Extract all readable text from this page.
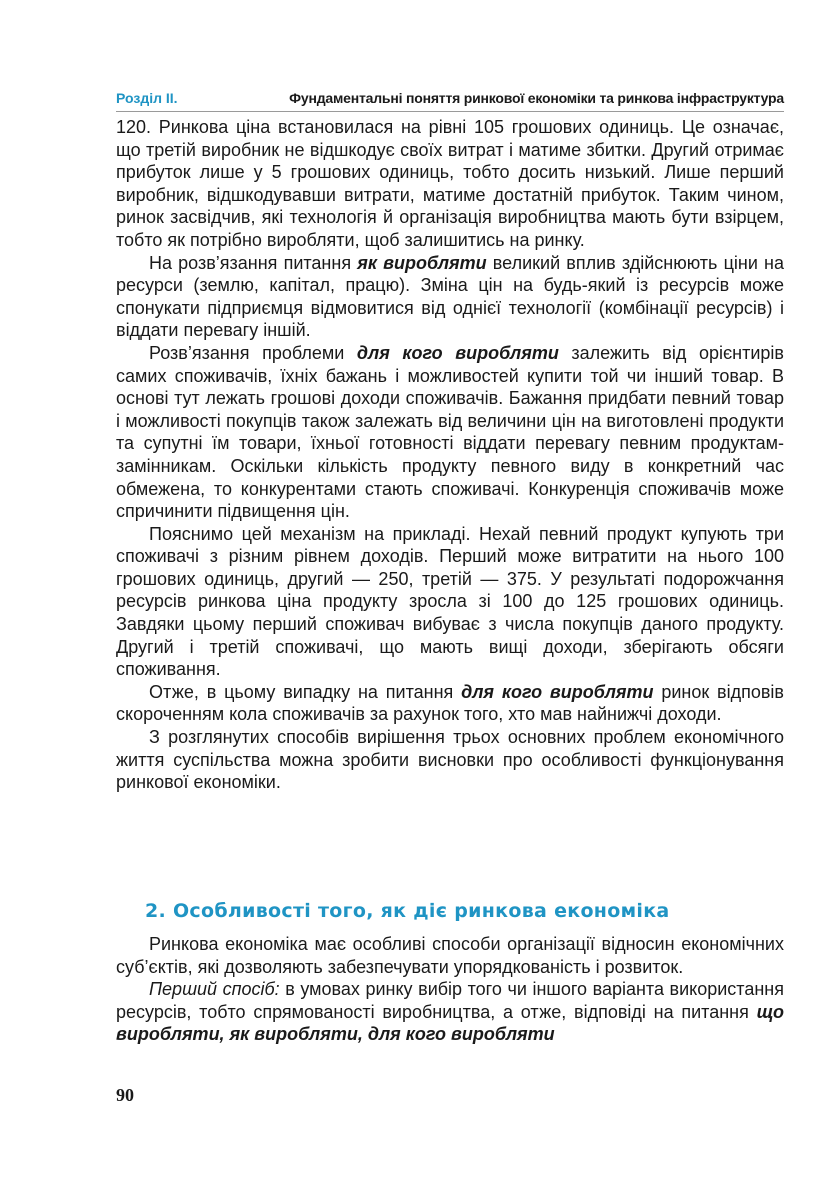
Розділ ІІ.	Фундаментальні поняття ринкової економіки та ринкова інфраструктура

120. Ринкова ціна встановилася на рівні 105 грошових одиниць. Це означає, що третій виробник не відшкодує своїх витрат і матиме збитки. Другий отримає прибуток лише у 5 грошових одиниць, тобто досить низький. Лише перший виробник, відшкодувавши витрати, матиме достатній прибуток. Таким чином, ринок засвідчив, які технологія й організація виробництва мають бути взірцем, тобто як потрібно виробляти, щоб залишитись на ринку.

На розв’язання питання як виробляти великий вплив здійснюють ціни на ресурси (землю, капітал, працю). Зміна цін на будь-який із ресурсів може спонукати підприємця відмовитися від однієї технології (комбінації ресурсів) і віддати перевагу іншій.

Розв’язання проблеми для кого виробляти залежить від орієнтирів самих споживачів, їхніх бажань і можливостей купити той чи інший товар. В основі тут лежать грошові доходи споживачів. Бажання придбати певний товар і можливості покупців також залежать від величини цін на виготовлені продукти та супутні їм товари, їхньої готовності віддати перевагу певним продуктам-замінникам. Оскільки кількість продукту певного виду в конкретний час обмежена, то конкурентами стають споживачі. Конкуренція споживачів може спричинити підвищення цін.

Пояснимо цей механізм на прикладі. Нехай певний продукт купують три споживачі з різним рівнем доходів. Перший може витратити на нього 100 грошових одиниць, другий — 250, третій — 375. У результаті подорожчання ресурсів ринкова ціна продукту зросла зі 100 до 125 грошових одиниць. Завдяки цьому перший споживач вибуває з числа покупців даного продукту. Другий і третій споживачі, що мають вищі доходи, зберігають обсяги споживання.

Отже, в цьому випадку на питання для кого виробляти ринок відповів скороченням кола споживачів за рахунок того, хто мав найнижчі доходи.

З розглянутих способів вирішення трьох основних проблем економічного життя суспільства можна зробити висновки про особливості функціонування ринкової економіки.

2. Особливості того, як діє ринкова економіка

Ринкова економіка має особливі способи організації відносин економічних суб’єктів, які дозволяють забезпечувати упорядкованість і розвиток.

Перший спосіб: в умовах ринку вибір того чи іншого варіанта використання ресурсів, тобто спрямованості виробництва, а отже, відповіді на питання що виробляти, як виробляти, для кого виробляти

90
